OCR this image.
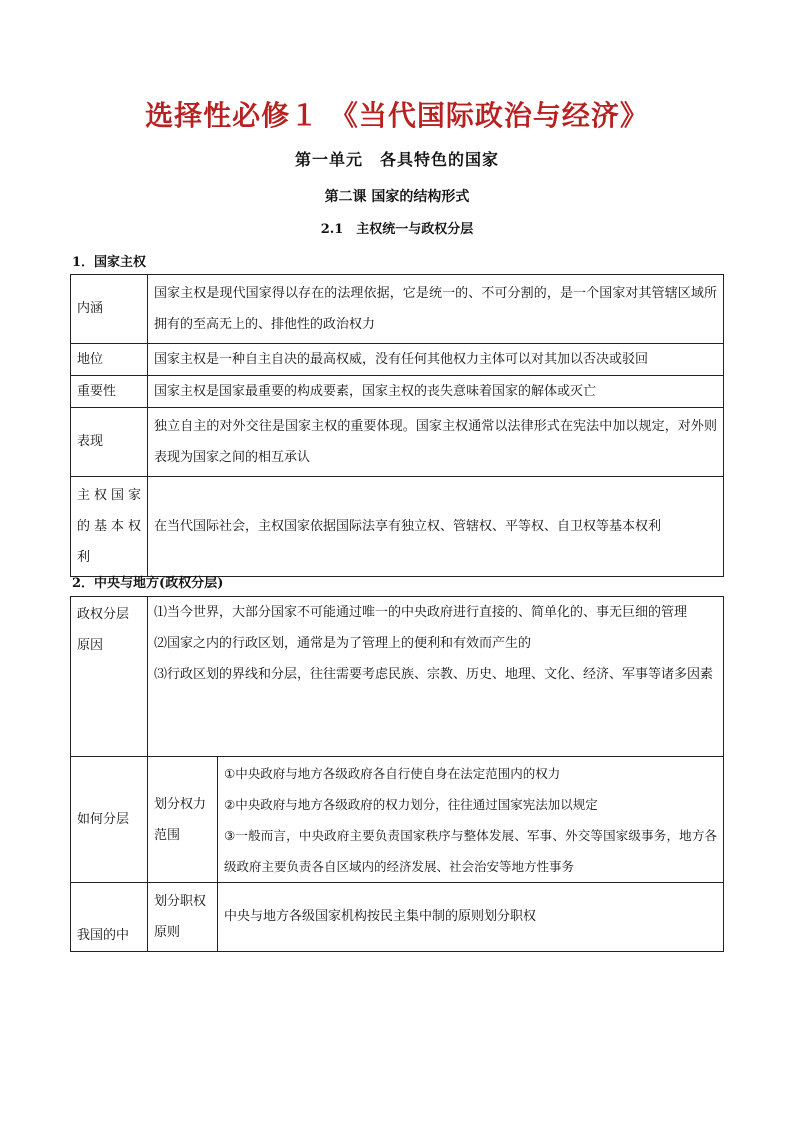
选择性必修１ 《当代国际政治与经济》
第一单元　各具特色的国家
第二课 国家的结构形式
2.1　主权统一与政权分层
1．国家主权
内涵	国家主权是现代国家得以存在的法理依据，它是统一的、不可分割的，是一个国家对其管辖区域所拥有的至高无上的、排他性的政治权力
地位	国家主权是一种自主自决的最高权威，没有任何其他权力主体可以对其加以否决或驳回
重要性	国家主权是国家最重要的构成要素，国家主权的丧失意味着国家的解体或灭亡
表现	独立自主的对外交往是国家主权的重要体现。国家主权通常以法律形式在宪法中加以规定，对外则表现为国家之间的相互承认
主权国家的基本权利	在当代国际社会，主权国家依据国际法享有独立权、管辖权、平等权、自卫权等基本权利
2．中央与地方(政权分层)
政权分层原因	⑴当今世界，大部分国家不可能通过唯一的中央政府进行直接的、简单化的、事无巨细的管理
⑵国家之内的行政区划，通常是为了管理上的便利和有效而产生的
⑶行政区划的界线和分层，往往需要考虑民族、宗教、历史、地理、文化、经济、军事等诸多因素	

如何分层	划分权力范围	①中央政府与地方各级政府各自行使自身在法定范围内的权力
②中央政府与地方各级政府的权力划分，往往通过国家宪法加以规定
③一般而言，中央政府主要负责国家秩序与整体发展、军事、外交等国家级事务，地方各级政府主要负责各自区域内的经济发展、社会治安等地方性事务

我国的中	划分职权原则	中央与地方各级国家机构按民主集中制的原则划分职权
